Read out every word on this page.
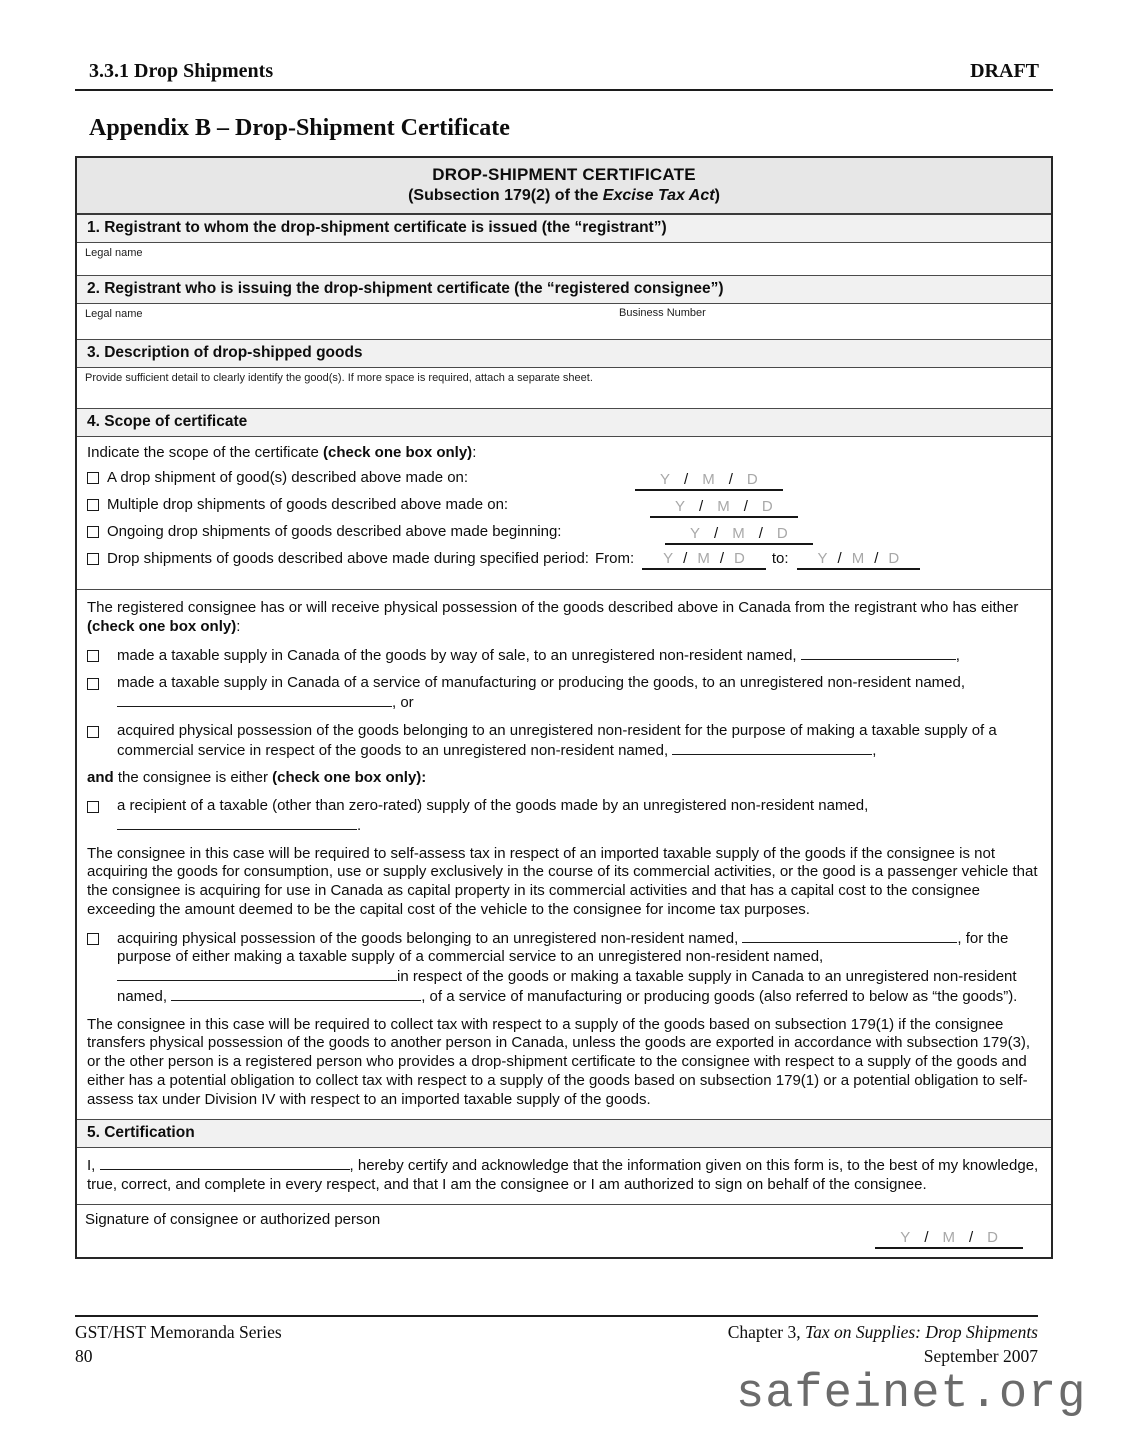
3.3.1 Drop Shipments	DRAFT
Appendix B – Drop-Shipment Certificate
DROP-SHIPMENT CERTIFICATE
(Subsection 179(2) of the Excise Tax Act)
1. Registrant to whom the drop-shipment certificate is issued (the “registrant”)
Legal name
2. Registrant who is issuing the drop-shipment certificate (the “registered consignee”)
Legal name	Business Number
3. Description of drop-shipped goods
Provide sufficient detail to clearly identify the good(s). If more space is required, attach a separate sheet.
4. Scope of certificate
Indicate the scope of the certificate (check one box only):
A drop shipment of good(s) described above made on:	Y / M / D
Multiple drop shipments of goods described above made on:	Y / M / D
Ongoing drop shipments of goods described above made beginning:	Y / M / D
Drop shipments of goods described above made during specified period: From:	Y / M / D	to:	Y / M / D

The registered consignee has or will receive physical possession of the goods described above in Canada from the registrant who has either (check one box only):

made a taxable supply in Canada of the goods by way of sale, to an unregistered non-resident named,	,
made a taxable supply in Canada of a service of manufacturing or producing the goods, to an unregistered non-resident named, , or
acquired physical possession of the goods belonging to an unregistered non-resident for the purpose of making a taxable supply of a commercial service in respect of the goods to an unregistered non-resident named,	,

and the consignee is either (check one box only):

a recipient of a taxable (other than zero-rated) supply of the goods made by an unregistered non-resident named, .

The consignee in this case will be required to self-assess tax in respect of an imported taxable supply of the goods if the consignee is not acquiring the goods for consumption, use or supply exclusively in the course of its commercial activities, or the good is a passenger vehicle that the consignee is acquiring for use in Canada as capital property in its commercial activities and that has a capital cost to the consignee exceeding the amount deemed to be the capital cost of the vehicle to the consignee for income tax purposes.

acquiring physical possession of the goods belonging to an unregistered non-resident named,	, for the purpose of either making a taxable supply of a commercial service to an unregistered non-resident named, in respect of the goods or making a taxable supply in Canada to an unregistered non-resident named,	, of a service of manufacturing or producing goods (also referred to below as “the goods”).

The consignee in this case will be required to collect tax with respect to a supply of the goods based on subsection 179(1) if the consignee transfers physical possession of the goods to another person in Canada, unless the goods are exported in accordance with subsection 179(3), or the other person is a registered person who provides a drop-shipment certificate to the consignee with respect to a supply of the goods and either has a potential obligation to collect tax with respect to a supply of the goods based on subsection 179(1) or a potential obligation to self-assess tax under Division IV with respect to an imported taxable supply of the goods.

5. Certification
I,	, hereby certify and acknowledge that the information given on this form is, to the best of my knowledge, true, correct, and complete in every respect, and that I am the consignee or I am authorized to sign on behalf of the consignee.
Signature of consignee or authorized person
Y / M / D
GST/HST Memoranda Series
80
Chapter 3, Tax on Supplies: Drop Shipments
September 2007
safeinet.org
